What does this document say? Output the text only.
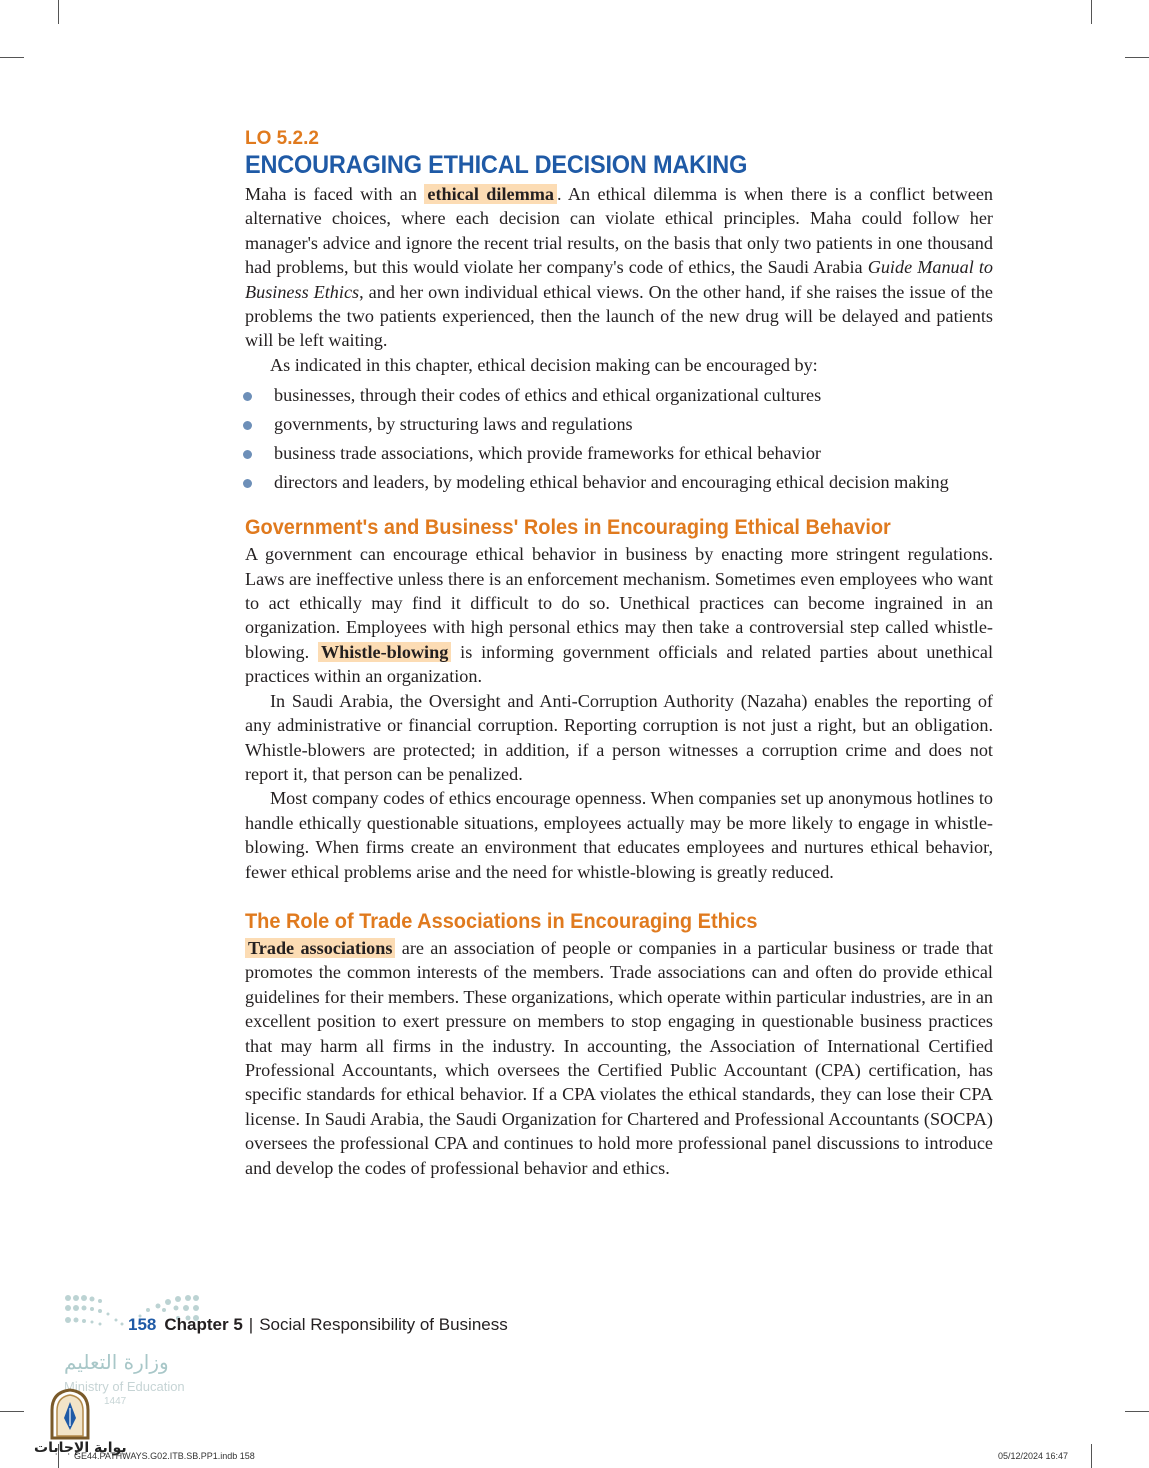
LO 5.2.2
ENCOURAGING ETHICAL DECISION MAKING

Maha is faced with an ethical dilemma . An ethical dilemma is when there is a conflict between alternative choices, where each decision can violate ethical principles. Maha could follow her manager's advice and ignore the recent trial results, on the basis that only two patients in one thousand had problems, but this would violate her company's code of ethics, the Saudi Arabia Guide Manual to Business Ethics, and her own individual ethical views. On the other hand, if she raises the issue of the problems the two patients experienced, then the launch of the new drug will be delayed and patients will be left waiting.

As indicated in this chapter, ethical decision making can be encouraged by:

businesses, through their codes of ethics and ethical organizational cultures
governments, by structuring laws and regulations
business trade associations, which provide frameworks for ethical behavior
directors and leaders, by modeling ethical behavior and encouraging ethical decision making
Government's and Business' Roles in Encouraging Ethical Behavior

A government can encourage ethical behavior in business by enacting more stringent regulations. Laws are ineffective unless there is an enforcement mechanism. Sometimes even employees who want to act ethically may find it difficult to do so. Unethical practices can become ingrained in an organization. Employees with high personal ethics may then take a controversial step called whistle-blowing. Whistle-blowing is informing government officials and related parties about unethical practices within an organization.

In Saudi Arabia, the Oversight and Anti-Corruption Authority (Nazaha) enables the reporting of any administrative or financial corruption. Reporting corruption is not just a right, but an obligation. Whistle-blowers are protected; in addition, if a person witnesses a corruption crime and does not report it, that person can be penalized.

Most company codes of ethics encourage openness. When companies set up anonymous hotlines to handle ethically questionable situations, employees actually may be more likely to engage in whistle-blowing. When firms create an environment that educates employees and nurtures ethical behavior, fewer ethical problems arise and the need for whistle-blowing is greatly reduced.

The Role of Trade Associations in Encouraging Ethics

Trade associations are an association of people or companies in a particular business or trade that promotes the common interests of the members. Trade associations can and often do provide ethical guidelines for their members. These organizations, which operate within particular industries, are in an excellent position to exert pressure on members to stop engaging in questionable business practices that may harm all firms in the industry. In accounting, the Association of International Certified Professional Accountants, which oversees the Certified Public Accountant (CPA) certification, has specific standards for ethical behavior. If a CPA violates the ethical standards, they can lose their CPA license. In Saudi Arabia, the Saudi Organization for Chartered and Professional Accountants (SOCPA) oversees the professional CPA and continues to hold more professional panel discussions to introduce and develop the codes of professional behavior and ethics.

158 Chapter 5 | Social Responsibility of Business
وزارة التعليم
Ministry of Education
1447
بوابة الإجابات
GE44.PATHWAYS.G02.ITB.SB.PP1.indb 158	05/12/2024 16:47
